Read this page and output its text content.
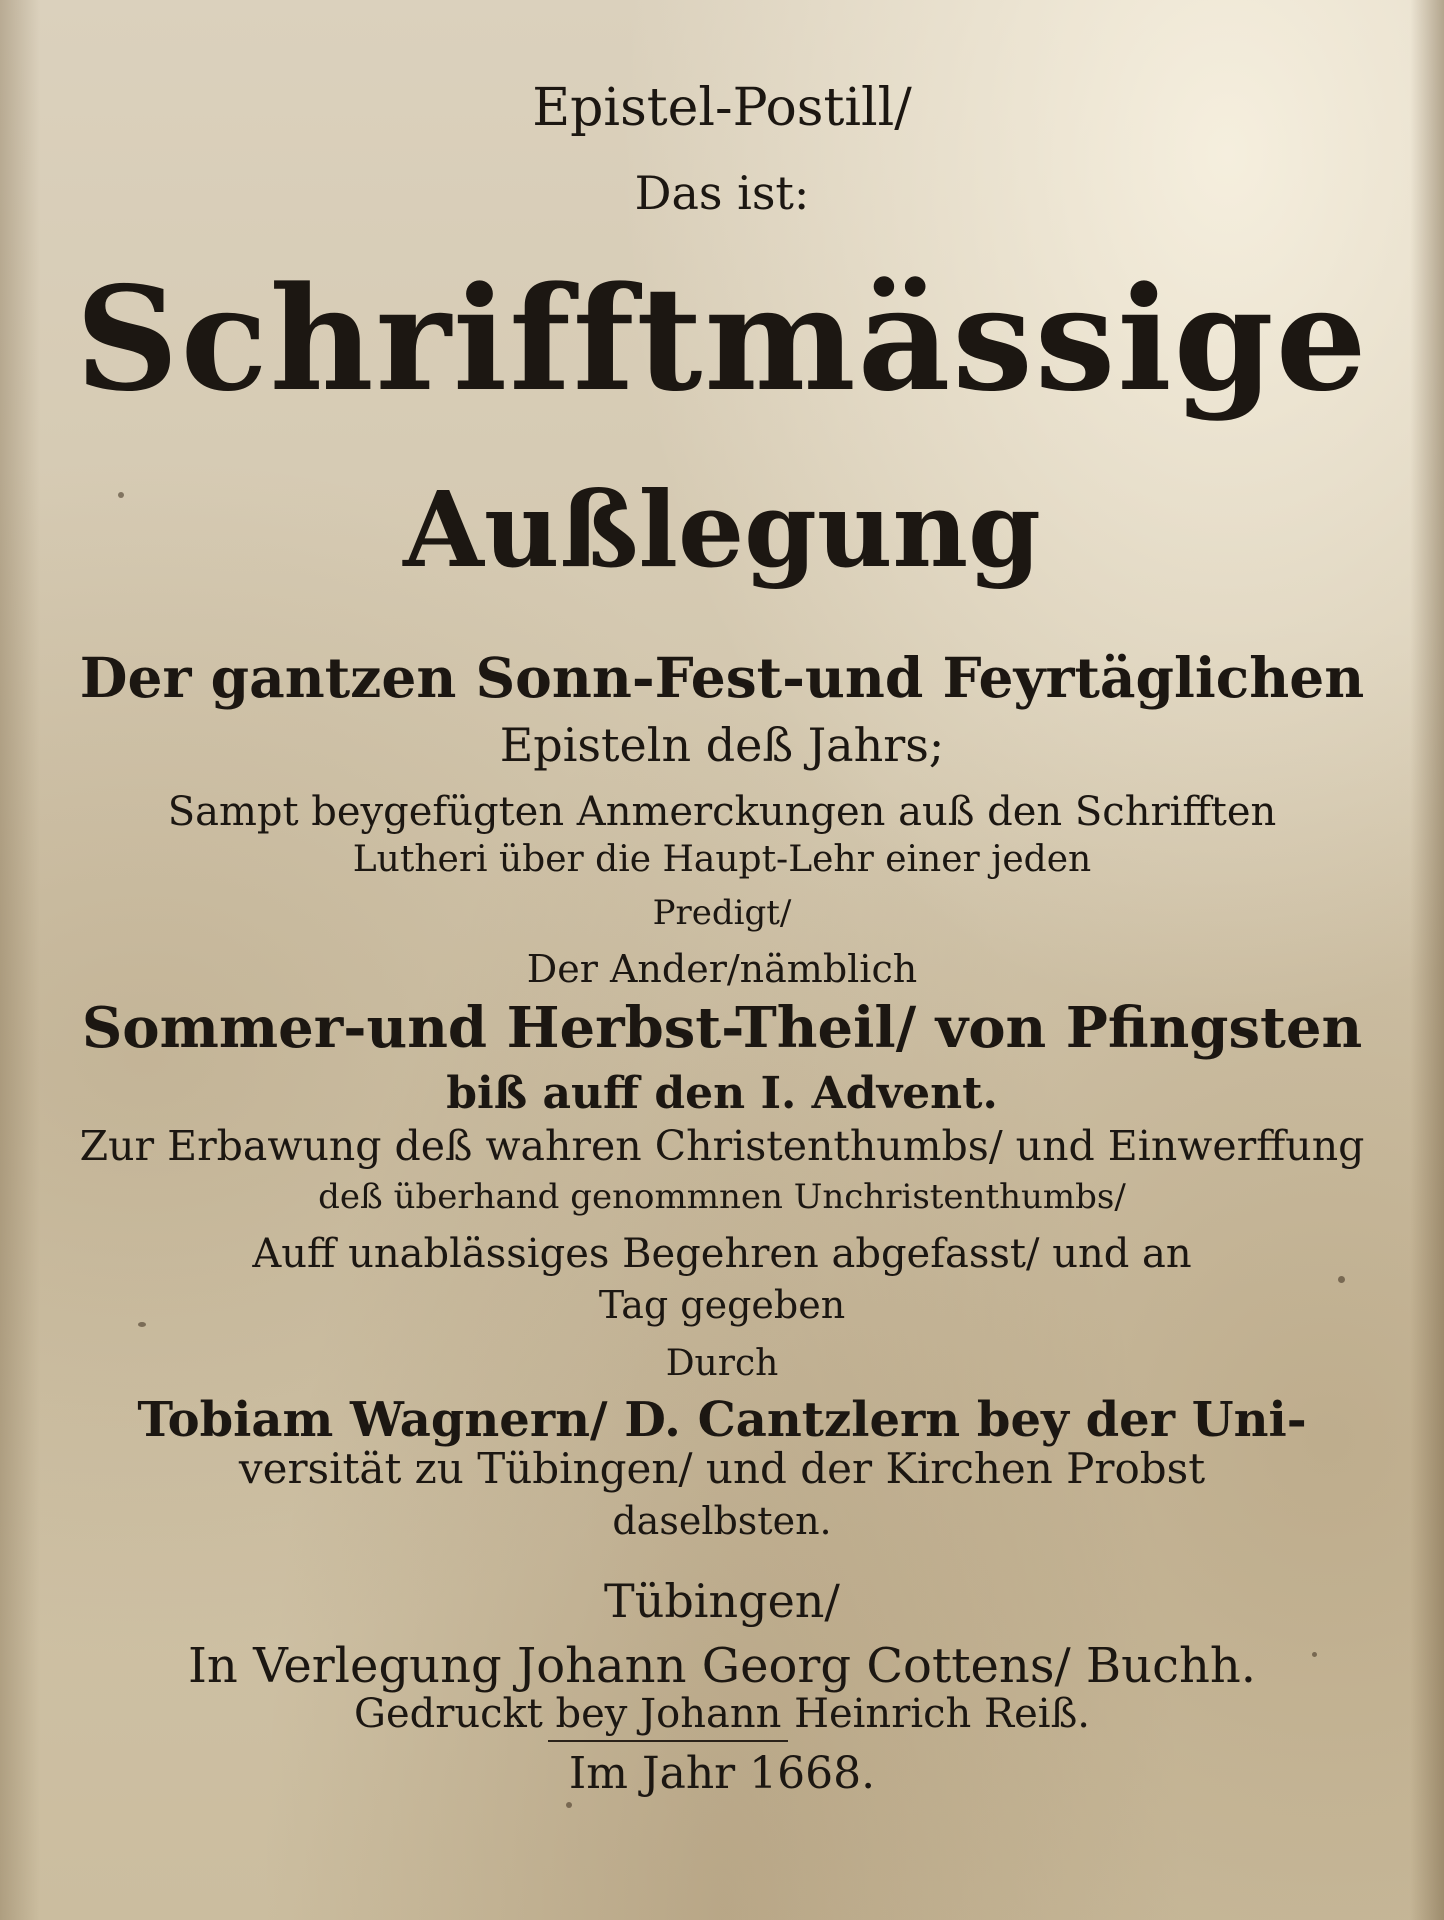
Epistel-Postill/
Das ist:
Schrifftmässige
Außlegung
Der gantzen Sonn-Fest-und Feyrtäglichen
Episteln deß Jahrs;
Sampt beygefügten Anmerckungen auß den Schrifften
Lutheri über die Haupt-Lehr einer jeden
Predigt/
Der Ander/nämblich
Sommer-und Herbst-Theil/ von Pfingsten
biß auff den I. Advent.
Zur Erbawung deß wahren Christenthumbs/ und Einwerffung
deß überhand genommnen Unchristenthumbs/
Auff unablässiges Begehren abgefasst/ und an
Tag gegeben
Durch
Tobiam Wagnern/ D. Cantzlern bey der Uni-
versität zu Tübingen/ und der Kirchen Probst
daselbsten.
Tübingen/
In Verlegung Johann Georg Cottens/ Buchh.
Gedruckt bey Johann Heinrich Reiß.
Im Jahr 1668.
